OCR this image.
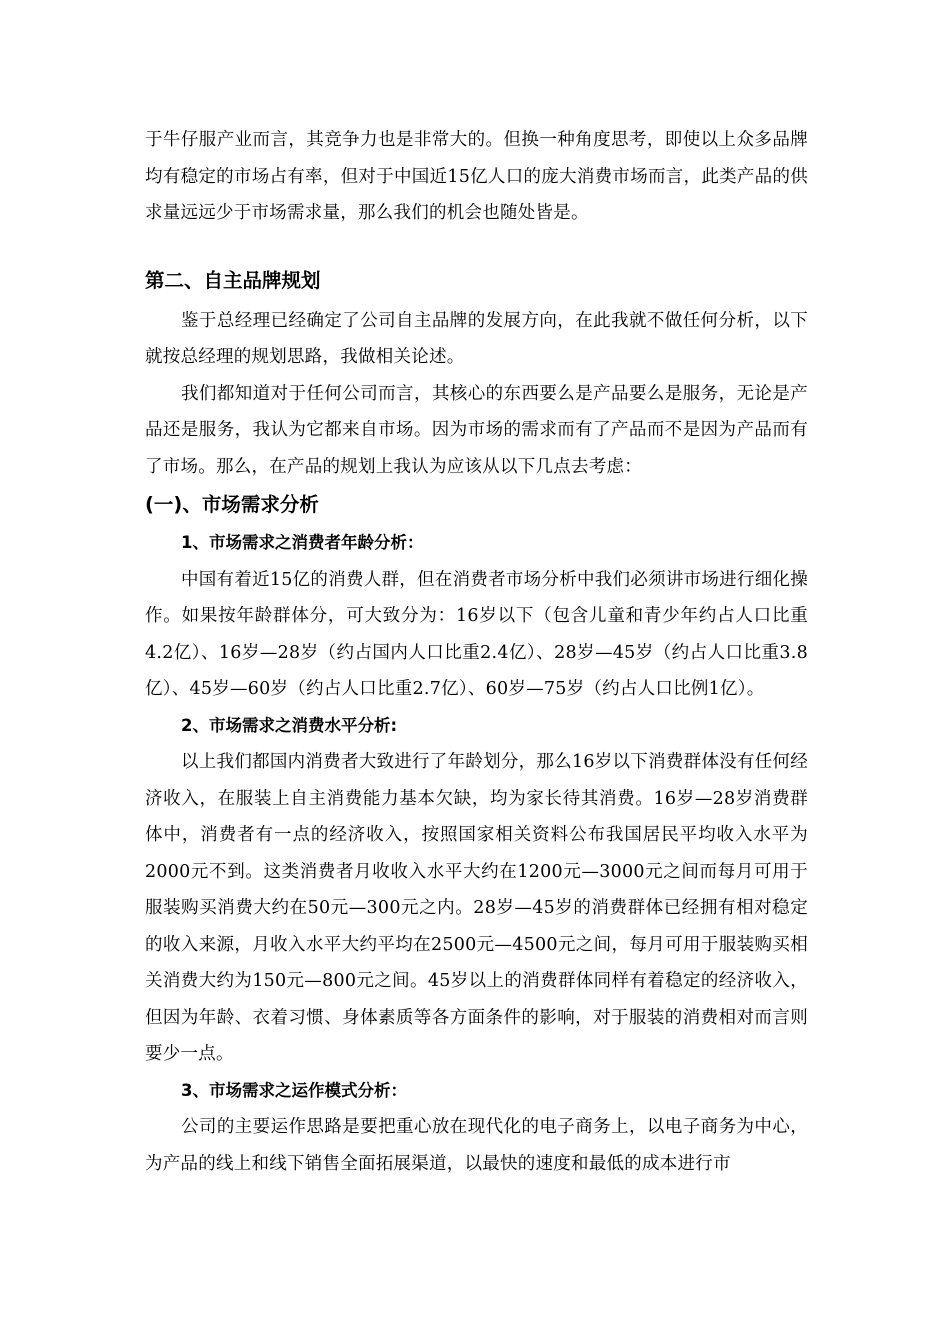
于牛仔服产业而言，其竞争力也是非常大的。但换一种角度思考，即使以上众多品牌均有稳定的市场占有率，但对于中国近15亿人口的庞大消费市场而言，此类产品的供求量远远少于市场需求量，那么我们的机会也随处皆是。

第二、自主品牌规划

鉴于总经理已经确定了公司自主品牌的发展方向，在此我就不做任何分析，以下就按总经理的规划思路，我做相关论述。

我们都知道对于任何公司而言，其核心的东西要么是产品要么是服务，无论是产品还是服务，我认为它都来自市场。因为市场的需求而有了产品而不是因为产品而有了市场。那么，在产品的规划上我认为应该从以下几点去考虑：

(一)、市场需求分析
1、市场需求之消费者年龄分析：

中国有着近15亿的消费人群，但在消费者市场分析中我们必须讲市场进行细化操作。如果按年龄群体分，可大致分为：16岁以下（包含儿童和青少年约占人口比重4.2亿）、16岁—28岁（约占国内人口比重2.4亿）、28岁—45岁（约占人口比重3.8亿）、45岁—60岁（约占人口比重2.7亿）、60岁—75岁（约占人口比例1亿）。

2、市场需求之消费水平分析:

以上我们都国内消费者大致进行了年龄划分，那么16岁以下消费群体没有任何经济收入，在服装上自主消费能力基本欠缺，均为家长待其消费。16岁—28岁消费群体中，消费者有一点的经济收入，按照国家相关资料公布我国居民平均收入水平为2000元不到。这类消费者月收收入水平大约在1200元—3000元之间而每月可用于服装购买消费大约在50元—300元之内。28岁—45岁的消费群体已经拥有相对稳定的收入来源，月收入水平大约平均在2500元—4500元之间，每月可用于服装购买相关消费大约为150元—800元之间。45岁以上的消费群体同样有着稳定的经济收入，但因为年龄、衣着习惯、身体素质等各方面条件的影响，对于服装的消费相对而言则要少一点。

3、市场需求之运作模式分析：

公司的主要运作思路是要把重心放在现代化的电子商务上，以电子商务为中心，为产品的线上和线下销售全面拓展渠道，以最快的速度和最低的成本进行市
